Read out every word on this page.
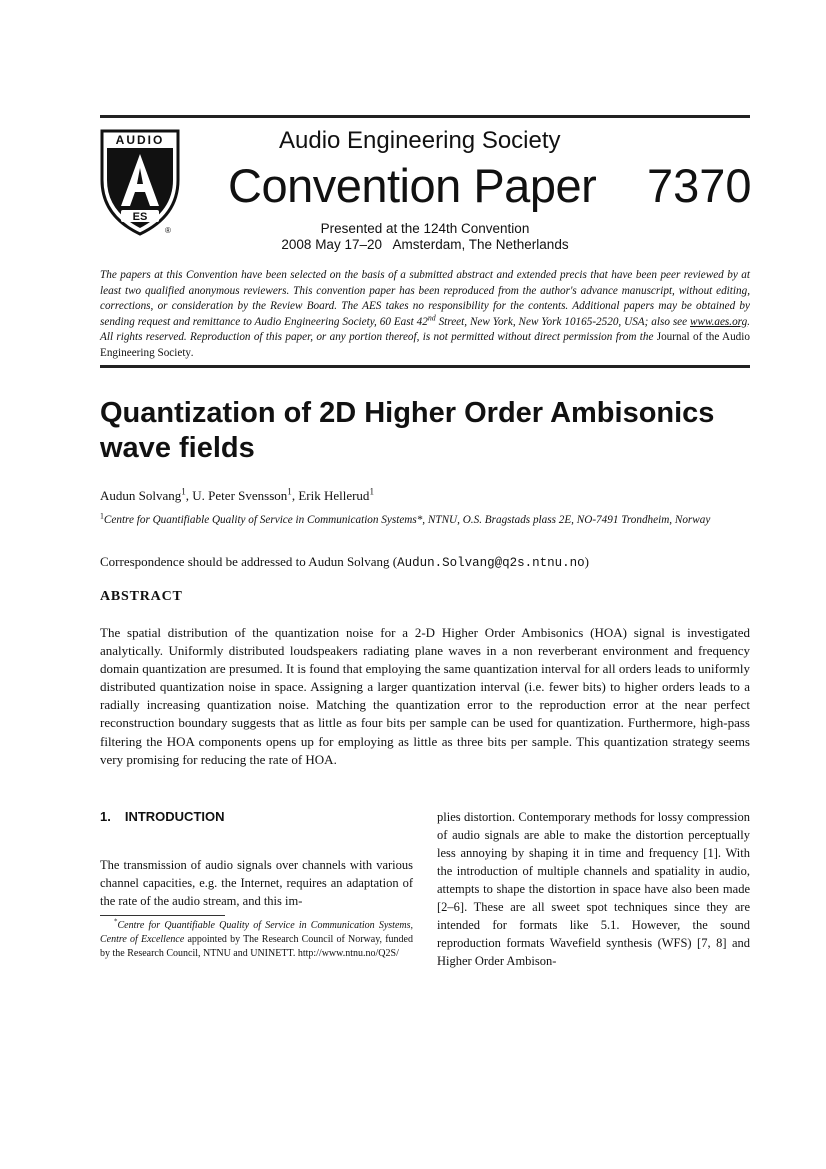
AUDIO
ES
®
Audio Engineering Society
Convention Paper 7370
Presented at the 124th Convention
2008 May 17–20   Amsterdam, The Netherlands
The papers at this Convention have been selected on the basis of a submitted abstract and extended precis that have been peer reviewed by at least two qualified anonymous reviewers. This convention paper has been reproduced from the author's advance manuscript, without editing, corrections, or consideration by the Review Board. The AES takes no responsibility for the contents. Additional papers may be obtained by sending request and remittance to Audio Engineering Society, 60 East 42nd Street, New York, New York 10165-2520, USA; also see www.aes.org. All rights reserved. Reproduction of this paper, or any portion thereof, is not permitted without direct permission from the Journal of the Audio Engineering Society.
Quantization of 2D Higher Order Ambisonics wave fields
Audun Solvang$^1$, U. Peter Svensson$^1$, Erik Hellerud$^1$
$^1$Centre for Quantifiable Quality of Service in Communication Systems*, NTNU, O.S. Bragstads plass 2E, NO-7491 Trondheim, Norway
Correspondence should be addressed to Audun Solvang (Audun.Solvang@q2s.ntnu.no)
ABSTRACT
The spatial distribution of the quantization noise for a 2-D Higher Order Ambisonics (HOA) signal is investigated analytically. Uniformly distributed loudspeakers radiating plane waves in a non reverberant environment and frequency domain quantization are presumed. It is found that employing the same quantization interval for all orders leads to uniformly distributed quantization noise in space. Assigning a larger quantization interval (i.e. fewer bits) to higher orders leads to a radially increasing quantization noise. Matching the quantization error to the reproduction error at the near perfect reconstruction boundary suggests that as little as four bits per sample can be used for quantization. Furthermore, high-pass filtering the HOA components opens up for employing as little as three bits per sample. This quantization strategy seems very promising for reducing the rate of HOA.
1. INTRODUCTION
The transmission of audio signals over channels with various channel capacities, e.g. the Internet, requires an adaptation of the rate of the audio stream, and this im-
*Centre for Quantifiable Quality of Service in Communication Systems, Centre of Excellence appointed by The Research Council of Norway, funded by the Research Council, NTNU and UNINETT. http://www.ntnu.no/Q2S/
plies distortion. Contemporary methods for lossy compression of audio signals are able to make the distortion perceptually less annoying by shaping it in time and frequency [1]. With the introduction of multiple channels and spatiality in audio, attempts to shape the distortion in space have also been made [2–6]. These are all sweet spot techniques since they are intended for formats like 5.1. However, the sound reproduction formats Wavefield synthesis (WFS) [7, 8] and Higher Order Ambison-
